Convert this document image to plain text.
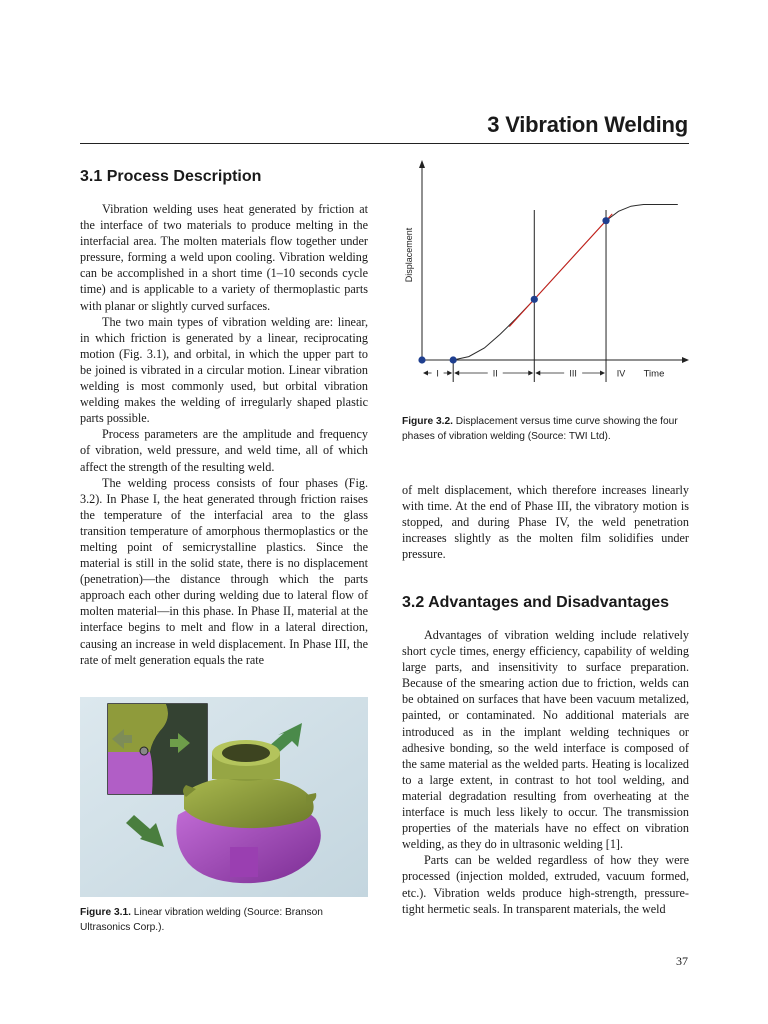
3 Vibration Welding
3.1 Process Description

Vibration welding uses heat generated by friction at the interface of two materials to produce melting in the interfacial area. The molten materials flow together under pressure, forming a weld upon cooling. Vibration welding can be accomplished in a short time (1–10 seconds cycle time) and is applicable to a variety of thermoplastic parts with planar or slightly curved surfaces.

The two main types of vibration welding are: linear, in which friction is generated by a linear, reciprocating motion (Fig. 3.1), and orbital, in which the upper part to be joined is vibrated in a circular motion. Linear vibration welding is most commonly used, but orbital vibration welding makes the welding of irregularly shaped plastic parts possible.

Process parameters are the amplitude and frequency of vibration, weld pressure, and weld time, all of which affect the strength of the resulting weld.

The welding process consists of four phases (Fig. 3.2). In Phase I, the heat generated through friction raises the temperature of the interfacial area to the glass transition temperature of amorphous thermoplastics or the melting point of semicrystalline plastics. Since the material is still in the solid state, there is no displacement (penetration)—the distance through which the parts approach each other during welding due to lateral flow of molten material—in this phase. In Phase II, material at the interface begins to melt and flow in a lateral direction, causing an increase in weld displacement. In Phase III, the rate of melt generation equals the rate

Figure 3.1. Linear vibration welding (Source: Branson Ultrasonics Corp.).
I	II	III	IV Time
Displacement
Figure 3.2. Displacement versus time curve showing the four phases of vibration welding (Source: TWI Ltd).

of melt displacement, which therefore increases linearly with time. At the end of Phase III, the vibratory motion is stopped, and during Phase IV, the weld penetration increases slightly as the molten film solidifies under pressure.

3.2 Advantages and Disadvantages

Advantages of vibration welding include relatively short cycle times, energy efficiency, capability of welding large parts, and insensitivity to surface preparation. Because of the smearing action due to friction, welds can be obtained on surfaces that have been vacuum metalized, painted, or contaminated. No additional materials are introduced as in the implant welding techniques or adhesive bonding, so the weld interface is composed of the same material as the welded parts. Heating is localized to a large extent, in contrast to hot tool welding, and material degradation resulting from overheating at the interface is much less likely to occur. The transmission properties of the materials have no effect on vibration welding, as they do in ultrasonic welding [1].

Parts can be welded regardless of how they were processed (injection molded, extruded, vacuum formed, etc.). Vibration welds produce high-strength, pressure-tight hermetic seals. In transparent materials, the weld

37
